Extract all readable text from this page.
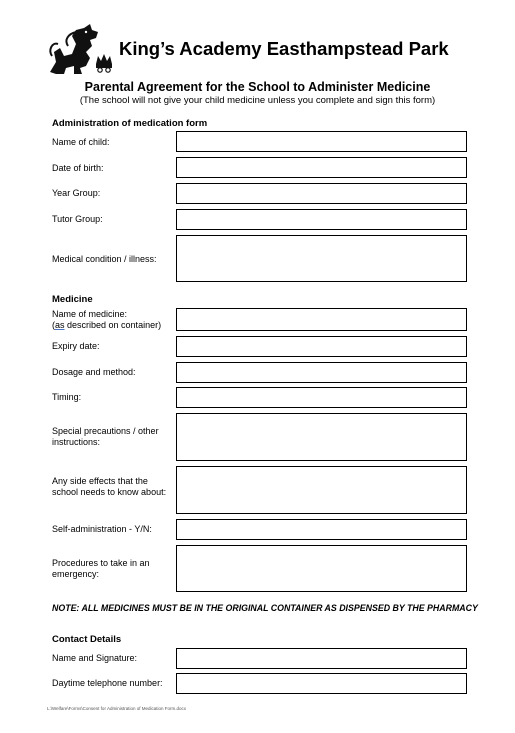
King’s Academy Easthampstead Park
Parental Agreement for the School to Administer Medicine
(The school will not give your child medicine unless you complete and sign this form)
Administration of medication form
Name of child:
Date of birth:
Year Group:
Tutor Group:
Medical condition / illness:
Medicine
Name of medicine:
(as described on container)
Expiry date:
Dosage and method:
Timing:
Special precautions / other
instructions:
Any side effects that the
school needs to know about:
Self-administration - Y/N:
Procedures to take in an
emergency:
NOTE: ALL MEDICINES MUST BE IN THE ORIGINAL CONTAINER AS DISPENSED BY THE PHARMACY
Contact Details
Name and Signature:
Daytime telephone number:
L:\Welfare\Forms\Consent for Administration of Medication Form.docx
